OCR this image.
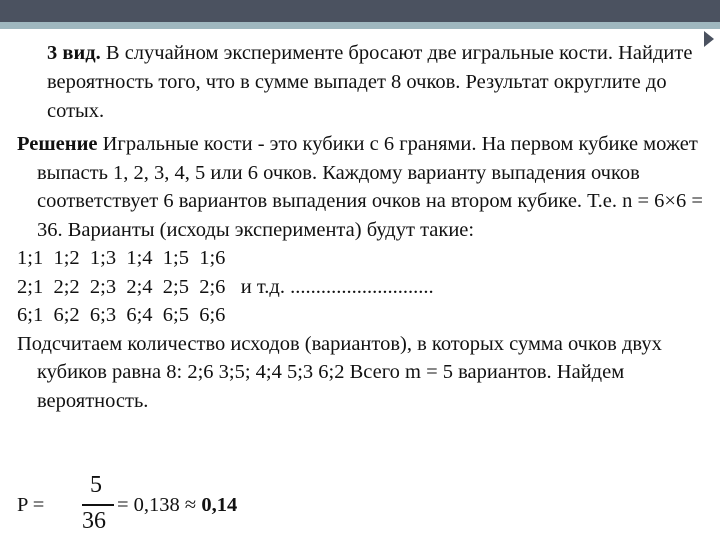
3 вид. В случайном эксперименте бросают две игральные кости. Найдите вероятность того, что в сумме выпадет 8 очков. Результат округлите до сотых.

Решение Игральные кости - это кубики с 6 гранями. На первом кубике может выпасть 1, 2, 3, 4, 5 или 6 очков. Каждому варианту выпадения очков соответствует 6 вариантов выпадения очков на втором кубике. Т.е. n = 6×6 = 36. Варианты (исходы эксперимента) будут такие:

1;1  1;2  1;3  1;4  1;5  1;6

2;1  2;2  2;3  2;4  2;5  2;6   и т.д. ............................

6;1  6;2  6;3  6;4  6;5  6;6

Подсчитаем количество исходов (вариантов), в которых сумма очков двух кубиков равна 8: 2;6 3;5; 4;4 5;3 6;2 Всего m = 5 вариантов. Найдем вероятность.

P =
5
36
= 0,138 ≈ 0,14
